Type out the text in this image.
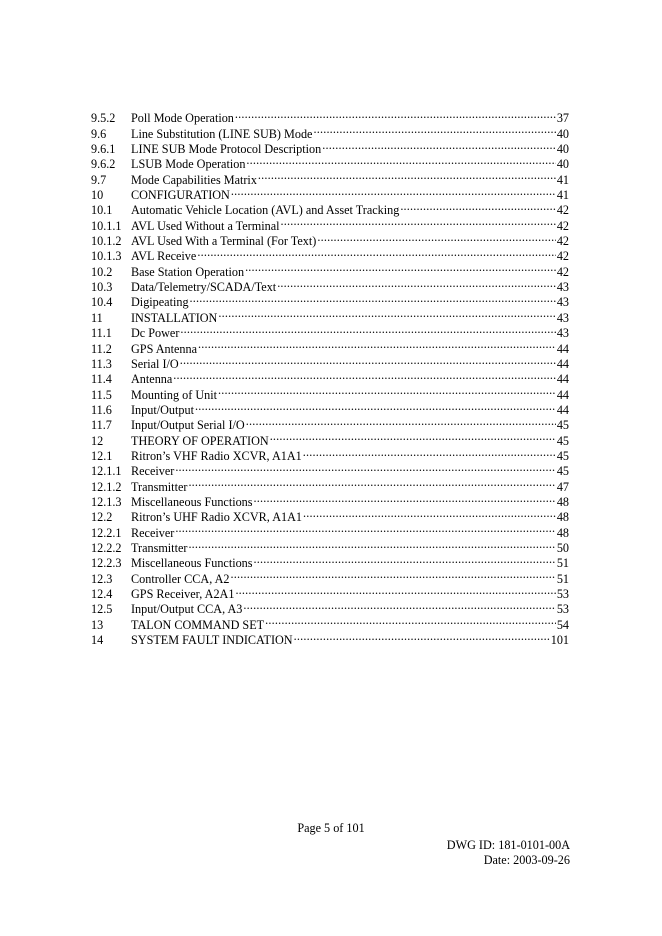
9.5.2	Poll Mode Operation .....	37
9.6	Line Substitution (LINE SUB) Mode .....	40
9.6.1	LINE SUB Mode Protocol Description .....	40
9.6.2	LSUB Mode Operation .....	40
9.7	Mode Capabilities Matrix .....	41
10	CONFIGURATION .....	41
10.1	Automatic Vehicle Location (AVL) and Asset Tracking .....	42
10.1.1 AVL Used Without a Terminal .....	42
10.1.2 AVL Used With a Terminal (For Text) .....	42
10.1.3 AVL Receive .....	42
10.2	Base Station Operation .....	42
10.3	Data/Telemetry/SCADA/Text .....	43
10.4	Digipeating .....	43
11	INSTALLATION .....	43
11.1	Dc Power .....	43
11.2	GPS Antenna .....	44
11.3	Serial I/O .....	44
11.4	Antenna .....	44
11.5	Mounting of Unit .....	44
11.6	Input/Output .....	44
11.7	Input/Output Serial I/O .....	45
12	THEORY OF OPERATION .....	45
12.1	Ritron’s VHF Radio XCVR, A1A1 .....	45
12.1.1 Receiver .....	45
12.1.2 Transmitter .....	47
12.1.3 Miscellaneous Functions .....	48
12.2	Ritron’s UHF Radio XCVR, A1A1 .....	48
12.2.1 Receiver .....	48
12.2.2 Transmitter .....	50
12.2.3 Miscellaneous Functions .....	51
12.3	Controller CCA, A2 .....	51
12.4	GPS Receiver, A2A1 .....	53
12.5	Input/Output CCA, A3 .....	53
13	TALON COMMAND SET .....	54
14	SYSTEM FAULT INDICATION .....	101
Page 5 of 101
DWG ID: 181-0101-00A
Date: 2003-09-26
